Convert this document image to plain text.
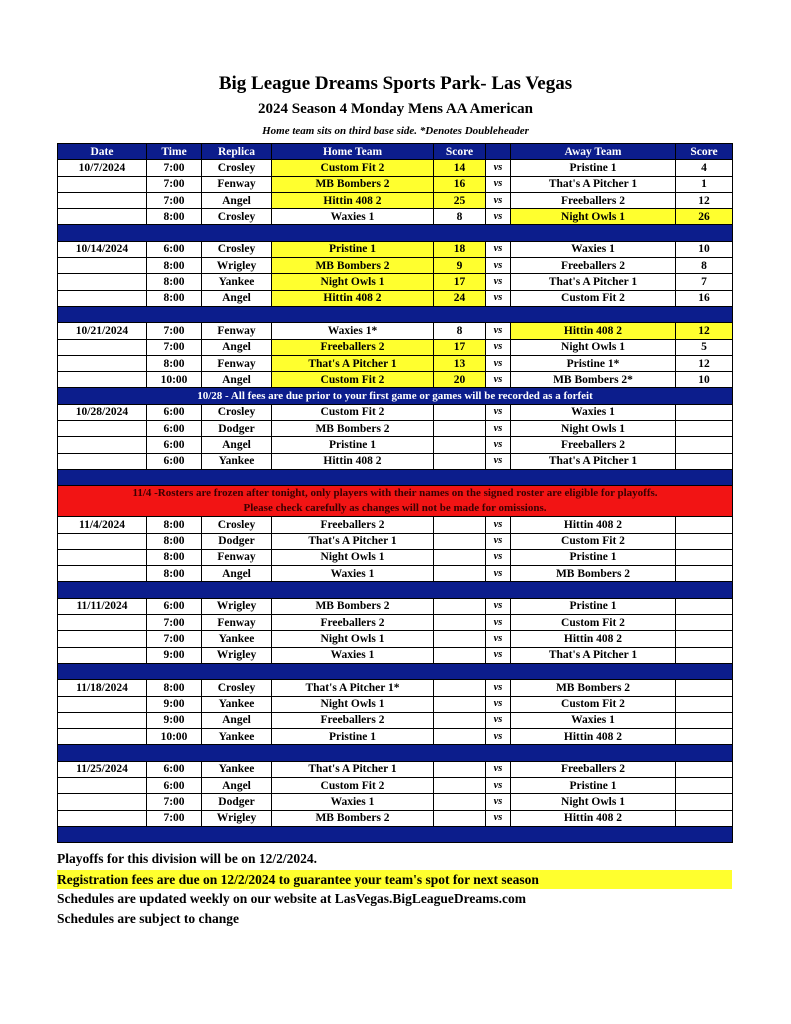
Big League Dreams Sports Park- Las Vegas
2024 Season 4 Monday Mens AA American
Home team sits on third base side. *Denotes Doubleheader
Date	Time	Replica	Home Team	Score		Away Team	Score
10/7/2024	7:00	Crosley	Custom Fit 2	14	vs	Pristine 1	4
	7:00	Fenway	MB Bombers 2	16	vs	That's A Pitcher 1	1
	7:00	Angel	Hittin 408 2	25	vs	Freeballers 2	12
	8:00	Crosley	Waxies 1	8	vs	Night Owls 1	26

10/14/2024	6:00	Crosley	Pristine 1	18	vs	Waxies 1	10
	8:00	Wrigley	MB Bombers 2	9	vs	Freeballers 2	8
	8:00	Yankee	Night Owls 1	17	vs	That's A Pitcher 1	7
	8:00	Angel	Hittin 408 2	24	vs	Custom Fit 2	16

10/21/2024	7:00	Fenway	Waxies 1*	8	vs	Hittin 408 2	12
	7:00	Angel	Freeballers 2	17	vs	Night Owls 1	5
	8:00	Fenway	That's A Pitcher 1	13	vs	Pristine 1*	12
	10:00	Angel	Custom Fit 2	20	vs	MB Bombers 2*	10
10/28 - All fees are due prior to your first game or games will be recorded as a forfeit							
10/28/2024	6:00	Crosley	Custom Fit 2		vs	Waxies 1	
	6:00	Dodger	MB Bombers 2		vs	Night Owls 1	
	6:00	Angel	Pristine 1		vs	Freeballers 2	
	6:00	Yankee	Hittin 408 2		vs	That's A Pitcher 1	

11/4 -Rosters are frozen after tonight, only players with their names on the signed roster are eligible for playoffs.
Please check carefully as changes will not be made for omissions.							

11/4/2024	8:00	Crosley	Freeballers 2		vs	Hittin 408 2	
	8:00	Dodger	That's A Pitcher 1		vs	Custom Fit 2	
	8:00	Fenway	Night Owls 1		vs	Pristine 1	
	8:00	Angel	Waxies 1		vs	MB Bombers 2	

11/11/2024	6:00	Wrigley	MB Bombers 2		vs	Pristine 1	
	7:00	Fenway	Freeballers 2		vs	Custom Fit 2	
	7:00	Yankee	Night Owls 1		vs	Hittin 408 2	
	9:00	Wrigley	Waxies 1		vs	That's A Pitcher 1	

11/18/2024	8:00	Crosley	That's A Pitcher 1*		vs	MB Bombers 2	
	9:00	Yankee	Night Owls 1		vs	Custom Fit 2	
	9:00	Angel	Freeballers 2		vs	Waxies 1	
	10:00	Yankee	Pristine 1		vs	Hittin 408 2	

11/25/2024	6:00	Yankee	That's A Pitcher 1		vs	Freeballers 2	
	6:00	Angel	Custom Fit 2		vs	Pristine 1	
	7:00	Dodger	Waxies 1		vs	Night Owls 1	
	7:00	Wrigley	MB Bombers 2		vs	Hittin 408 2	

Playoffs for this division will be on 12/2/2024.
Registration fees are due on 12/2/2024 to guarantee your team's spot for next season
Schedules are updated weekly on our website at LasVegas.BigLeagueDreams.com
Schedules are subject to change
